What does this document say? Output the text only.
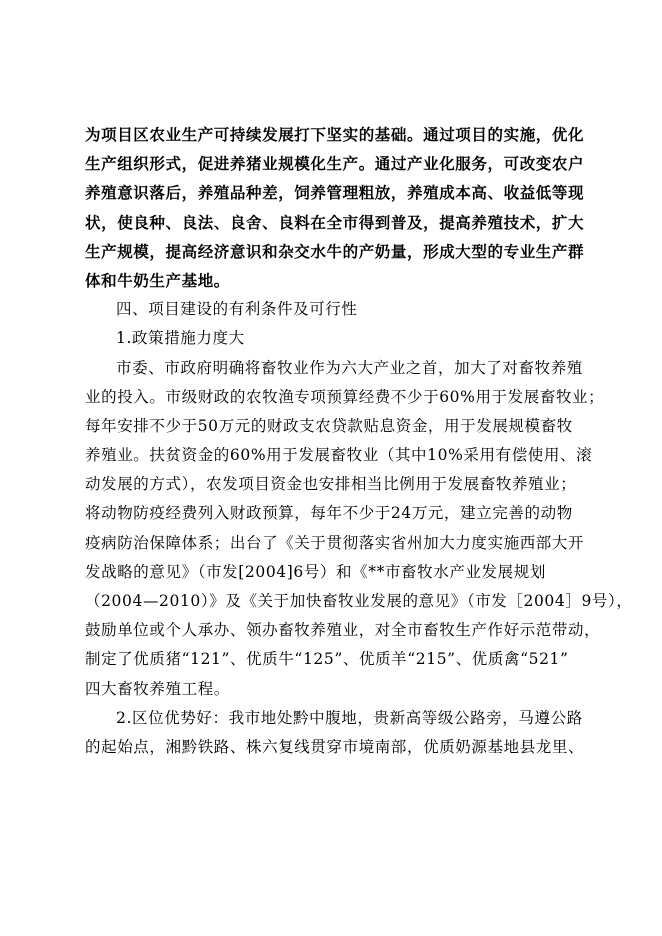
为项目区农业生产可持续发展打下坚实的基础。通过项目的实施，优化
生产组织形式，促进养猪业规模化生产。通过产业化服务，可改变农户
养殖意识落后，养殖品种差，饲养管理粗放，养殖成本高、收益低等现
状，使良种、良法、良舍、良料在全市得到普及，提高养殖技术，扩大
生产规模，提高经济意识和杂交水牛的产奶量，形成大型的专业生产群
体和牛奶生产基地。
四、项目建设的有利条件及可行性
1.政策措施力度大
市委、市政府明确将畜牧业作为六大产业之首，加大了对畜牧养殖
业的投入。市级财政的农牧渔专项预算经费不少于60%用于发展畜牧业；
每年安排不少于50万元的财政支农贷款贴息资金，用于发展规模畜牧
养殖业。扶贫资金的60%用于发展畜牧业（其中10%采用有偿使用、滚
动发展的方式），农发项目资金也安排相当比例用于发展畜牧养殖业；
将动物防疫经费列入财政预算，每年不少于24万元，建立完善的动物
疫病防治保障体系；出台了《关于贯彻落实省州加大力度实施西部大开
发战略的意见》（市发[2004]6号）和《**市畜牧水产业发展规划
（2004—2010）》及《关于加快畜牧业发展的意见》（市发［2004］9号），
鼓励单位或个人承办、领办畜牧养殖业，对全市畜牧生产作好示范带动，
制定了优质猪“121”、优质牛“125”、优质羊“215”、优质禽“521”
四大畜牧养殖工程。
2.区位优势好：我市地处黔中腹地，贵新高等级公路旁，马遵公路
的起始点，湘黔铁路、株六复线贯穿市境南部，优质奶源基地县龙里、
